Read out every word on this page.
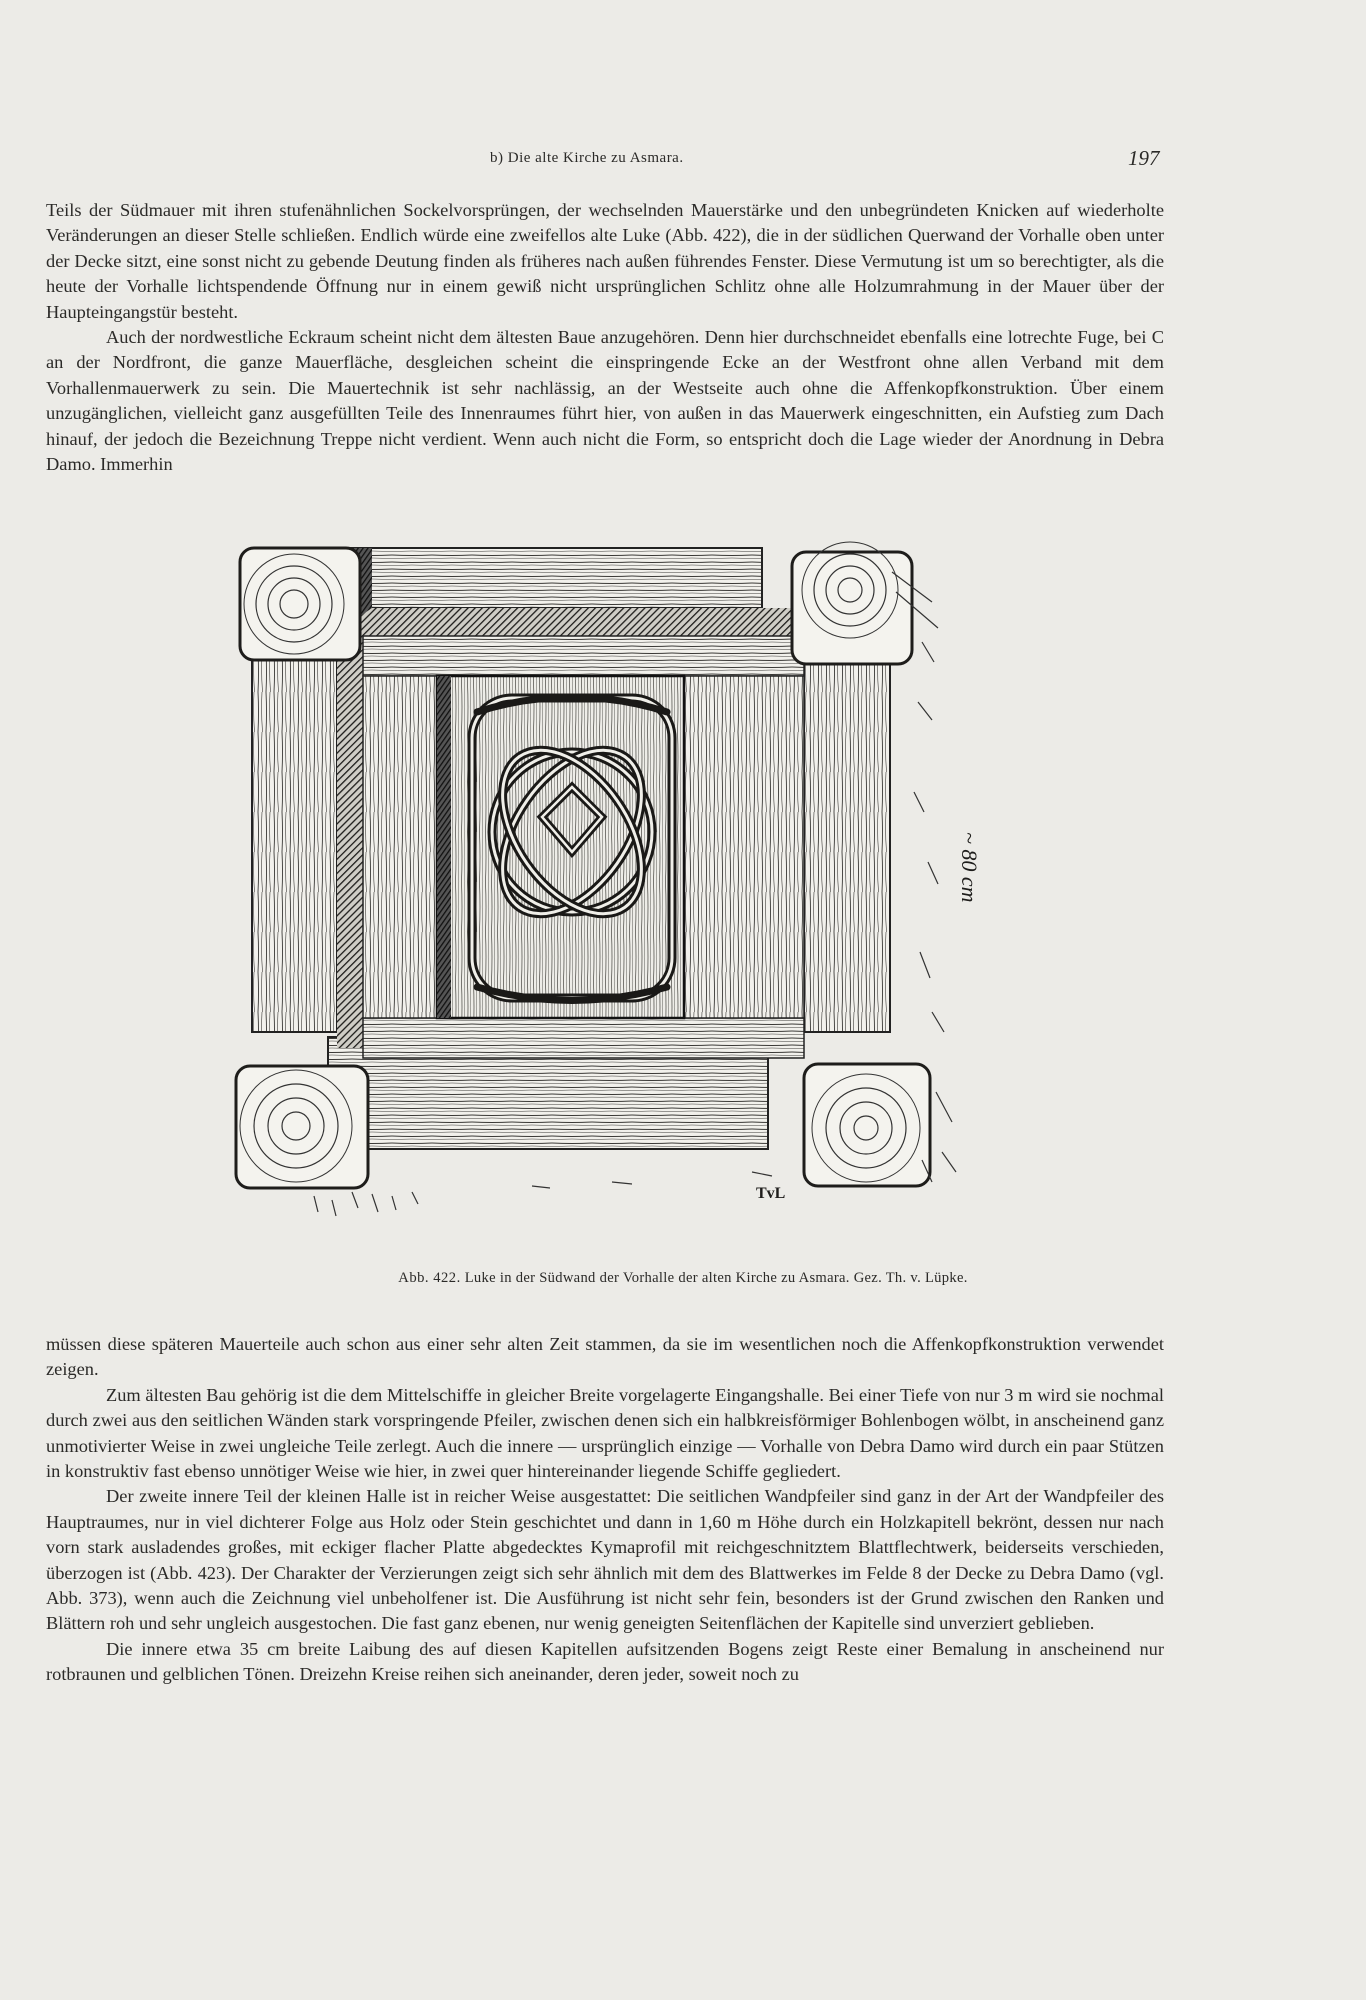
b) Die alte Kirche zu Asmara.	197

Teils der Südmauer mit ihren stufenähnlichen Sockelvorsprüngen, der wechselnden Mauerstärke und den unbegründeten Knicken auf wiederholte Veränderungen an dieser Stelle schließen. Endlich würde eine zweifellos alte Luke (Abb. 422), die in der südlichen Querwand der Vorhalle oben unter der Decke sitzt, eine sonst nicht zu gebende Deutung finden als früheres nach außen führendes Fenster. Diese Vermutung ist um so berechtigter, als die heute der Vorhalle lichtspendende Öffnung nur in einem gewiß nicht ursprünglichen Schlitz ohne alle Holzumrahmung in der Mauer über der Haupteingangstür besteht.

Auch der nordwestliche Eckraum scheint nicht dem ältesten Baue anzugehören. Denn hier durchschneidet ebenfalls eine lotrechte Fuge, bei C an der Nordfront, die ganze Mauerfläche, desgleichen scheint die einspringende Ecke an der Westfront ohne allen Verband mit dem Vorhallenmauerwerk zu sein. Die Mauertechnik ist sehr nachlässig, an der Westseite auch ohne die Affenkopfkonstruktion. Über einem unzugänglichen, vielleicht ganz ausgefüllten Teile des Innenraumes führt hier, von außen in das Mauerwerk eingeschnitten, ein Aufstieg zum Dach hinauf, der jedoch die Bezeichnung Treppe nicht verdient. Wenn auch nicht die Form, so entspricht doch die Lage wieder der Anordnung in Debra Damo. Immerhin

~ 80 cm
TvL
Abb. 422. Luke in der Südwand der Vorhalle der alten Kirche zu Asmara. Gez. Th. v. Lüpke.

müssen diese späteren Mauerteile auch schon aus einer sehr alten Zeit stammen, da sie im wesentlichen noch die Affenkopfkonstruktion verwendet zeigen.

Zum ältesten Bau gehörig ist die dem Mittelschiffe in gleicher Breite vorgelagerte Eingangshalle. Bei einer Tiefe von nur 3 m wird sie nochmal durch zwei aus den seitlichen Wänden stark vorspringende Pfeiler, zwischen denen sich ein halbkreisförmiger Bohlenbogen wölbt, in anscheinend ganz unmotivierter Weise in zwei ungleiche Teile zerlegt. Auch die innere — ursprünglich einzige — Vorhalle von Debra Damo wird durch ein paar Stützen in konstruktiv fast ebenso unnötiger Weise wie hier, in zwei quer hintereinander liegende Schiffe gegliedert.

Der zweite innere Teil der kleinen Halle ist in reicher Weise ausgestattet: Die seitlichen Wandpfeiler sind ganz in der Art der Wandpfeiler des Hauptraumes, nur in viel dichterer Folge aus Holz oder Stein geschichtet und dann in 1,60 m Höhe durch ein Holzkapitell bekrönt, dessen nur nach vorn stark ausladendes großes, mit eckiger flacher Platte abgedecktes Kymaprofil mit reichgeschnitztem Blattflechtwerk, beiderseits verschieden, überzogen ist (Abb. 423). Der Charakter der Verzierungen zeigt sich sehr ähnlich mit dem des Blattwerkes im Felde 8 der Decke zu Debra Damo (vgl. Abb. 373), wenn auch die Zeichnung viel unbeholfener ist. Die Ausführung ist nicht sehr fein, besonders ist der Grund zwischen den Ranken und Blättern roh und sehr ungleich ausgestochen. Die fast ganz ebenen, nur wenig geneigten Seitenflächen der Kapitelle sind unverziert geblieben.

Die innere etwa 35 cm breite Laibung des auf diesen Kapitellen aufsitzenden Bogens zeigt Reste einer Bemalung in anscheinend nur rotbraunen und gelblichen Tönen. Dreizehn Kreise reihen sich aneinander, deren jeder, soweit noch zu
